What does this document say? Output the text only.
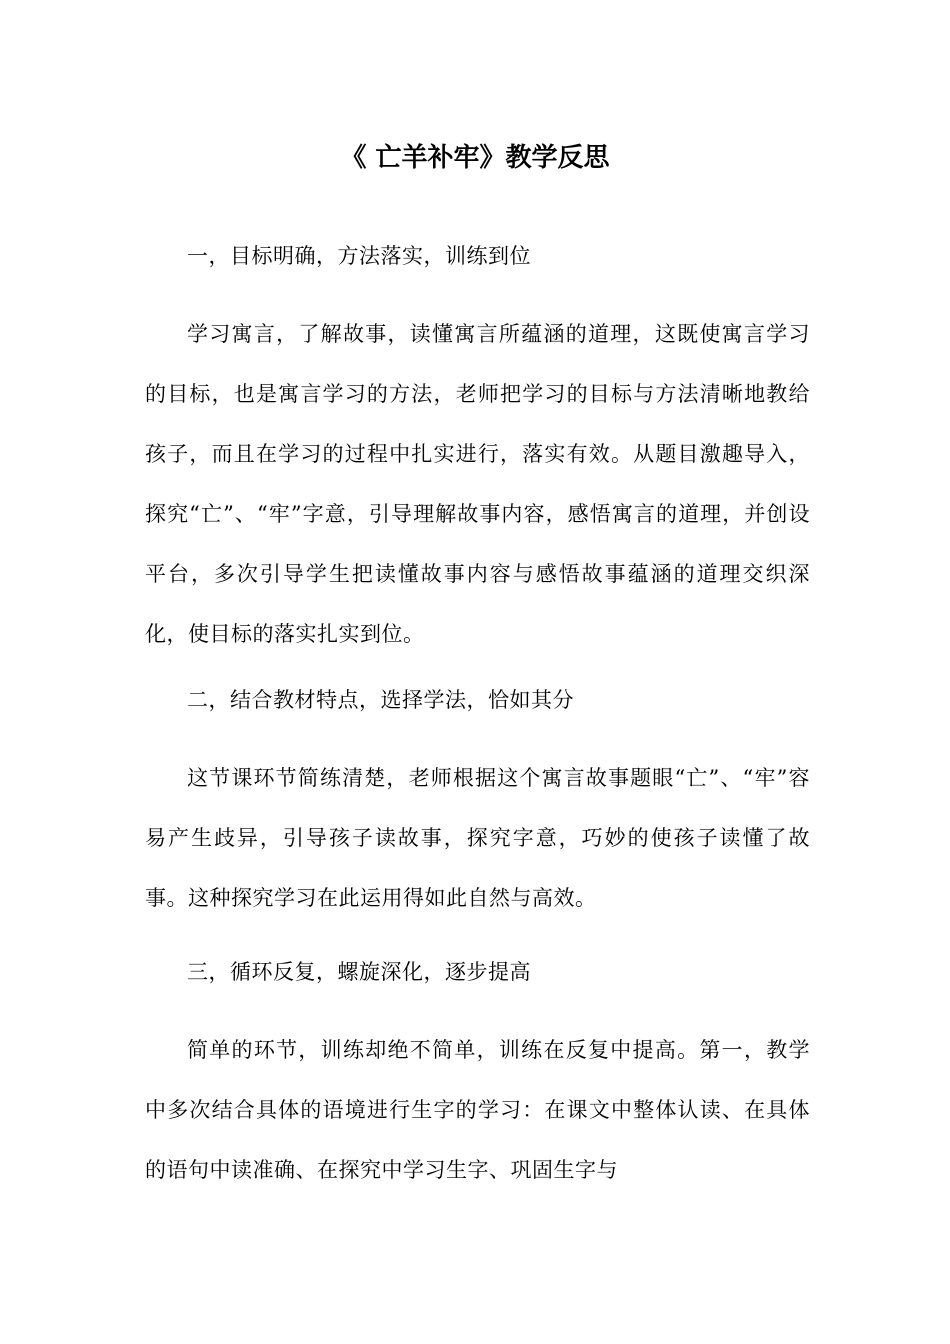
《 亡羊补牢》教学反思

一，目标明确，方法落实，训练到位

学习寓言，了解故事，读懂寓言所蕴涵的道理，这既使寓言学习的目标，也是寓言学习的方法，老师把学习的目标与方法清晰地教给孩子，而且在学习的过程中扎实进行，落实有效。从题目激趣导入，探究“亡”、“牢”字意，引导理解故事内容，感悟寓言的道理，并创设平台，多次引导学生把读懂故事内容与感悟故事蕴涵的道理交织深化，使目标的落实扎实到位。

二，结合教材特点，选择学法，恰如其分

这节课环节简练清楚，老师根据这个寓言故事题眼“亡”、“牢”容易产生歧异，引导孩子读故事，探究字意，巧妙的使孩子读懂了故事。这种探究学习在此运用得如此自然与高效。

三，循环反复，螺旋深化，逐步提高

简单的环节，训练却绝不简单，训练在反复中提高。第一，教学中多次结合具体的语境进行生字的学习：在课文中整体认读、在具体的语句中读准确、在探究中学习生字、巩固生字与
